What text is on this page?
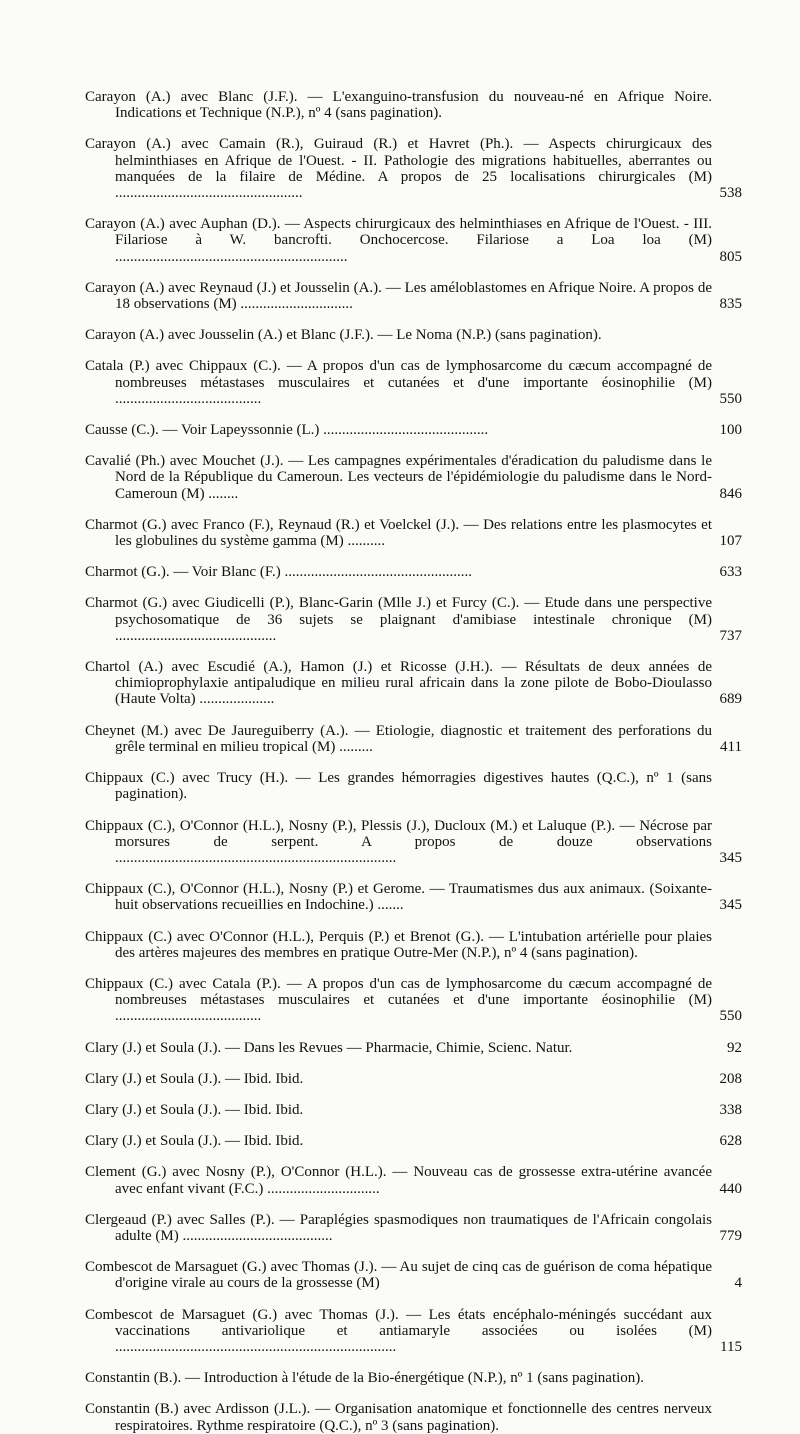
Carayon (A.) avec Blanc (J.F.). — L'exanguino-transfusion du nouveau-né en Afrique Noire. Indications et Technique (N.P.), nº 4 (sans pagination).

Carayon (A.) avec Camain (R.), Guiraud (R.) et Havret (Ph.). — Aspects chirurgicaux des helminthiases en Afrique de l'Ouest. - II. Pathologie des migrations habituelles, aberrantes ou manquées de la filaire de Médine. A propos de 25 localisations chirurgicales (M) ..................................................	538

Carayon (A.) avec Auphan (D.). — Aspects chirurgicaux des helminthiases en Afrique de l'Ouest. - III. Filariose à W. bancrofti. Onchocercose. Filariose a Loa loa (M) ..............................................................	805

Carayon (A.) avec Reynaud (J.) et Jousselin (A.). — Les améloblastomes en Afrique Noire. A propos de 18 observations (M) ..............................	835

Carayon (A.) avec Jousselin (A.) et Blanc (J.F.). — Le Noma (N.P.) (sans pagination).

Catala (P.) avec Chippaux (C.). — A propos d'un cas de lymphosarcome du cæcum accompagné de nombreuses métastases musculaires et cutanées et d'une importante éosinophilie (M) .......................................	550

Causse (C.). — Voir Lapeyssonnie (L.) ............................................	100

Cavalié (Ph.) avec Mouchet (J.). — Les campagnes expérimentales d'éradication du paludisme dans le Nord de la République du Cameroun. Les vecteurs de l'épidémiologie du paludisme dans le Nord-Cameroun (M) ........	846

Charmot (G.) avec Franco (F.), Reynaud (R.) et Voelckel (J.). — Des relations entre les plasmocytes et les globulines du système gamma (M) ..........	107

Charmot (G.). — Voir Blanc (F.) ..................................................	633

Charmot (G.) avec Giudicelli (P.), Blanc-Garin (Mlle J.) et Furcy (C.). — Etude dans une perspective psychosomatique de 36 sujets se plaignant d'amibiase intestinale chronique (M) ...........................................	737

Chartol (A.) avec Escudié (A.), Hamon (J.) et Ricosse (J.H.). — Résultats de deux années de chimioprophylaxie antipaludique en milieu rural africain dans la zone pilote de Bobo-Dioulasso (Haute Volta) ....................	689

Cheynet (M.) avec De Jaureguiberry (A.). — Etiologie, diagnostic et traitement des perforations du grêle terminal en milieu tropical (M) .........	411

Chippaux (C.) avec Trucy (H.). — Les grandes hémorragies digestives hautes (Q.C.), nº 1 (sans pagination).

Chippaux (C.), O'Connor (H.L.), Nosny (P.), Plessis (J.), Ducloux (M.) et Laluque (P.). — Nécrose par morsures de serpent. A propos de douze observations ...........................................................................	345

Chippaux (C.), O'Connor (H.L.), Nosny (P.) et Gerome. — Traumatismes dus aux animaux. (Soixante-huit observations recueillies en Indochine.) .......	345

Chippaux (C.) avec O'Connor (H.L.), Perquis (P.) et Brenot (G.). — L'intubation artérielle pour plaies des artères majeures des membres en pratique Outre-Mer (N.P.), nº 4 (sans pagination).

Chippaux (C.) avec Catala (P.). — A propos d'un cas de lymphosarcome du cæcum accompagné de nombreuses métastases musculaires et cutanées et d'une importante éosinophilie (M) .......................................	550

Clary (J.) et Soula (J.). — Dans les Revues — Pharmacie, Chimie, Scienc. Natur.	92

Clary (J.) et Soula (J.). — Ibid. Ibid.	208

Clary (J.) et Soula (J.). — Ibid. Ibid.	338

Clary (J.) et Soula (J.). — Ibid. Ibid.	628

Clement (G.) avec Nosny (P.), O'Connor (H.L.). — Nouveau cas de grossesse extra-utérine avancée avec enfant vivant (F.C.) ..............................	440

Clergeaud (P.) avec Salles (P.). — Paraplégies spasmodiques non traumatiques de l'Africain congolais adulte (M) ........................................	779

Combescot de Marsaguet (G.) avec Thomas (J.). — Au sujet de cinq cas de guérison de coma hépatique d'origine virale au cours de la grossesse (M)	4

Combescot de Marsaguet (G.) avec Thomas (J.). — Les états encéphalo-méningés succédant aux vaccinations antivariolique et antiamaryle associées ou isolées (M) ...........................................................................	115

Constantin (B.). — Introduction à l'étude de la Bio-énergétique (N.P.), nº 1 (sans pagination).

Constantin (B.) avec Ardisson (J.L.). — Organisation anatomique et fonctionnelle des centres nerveux respiratoires. Rythme respiratoire (Q.C.), nº 3 (sans pagination).
